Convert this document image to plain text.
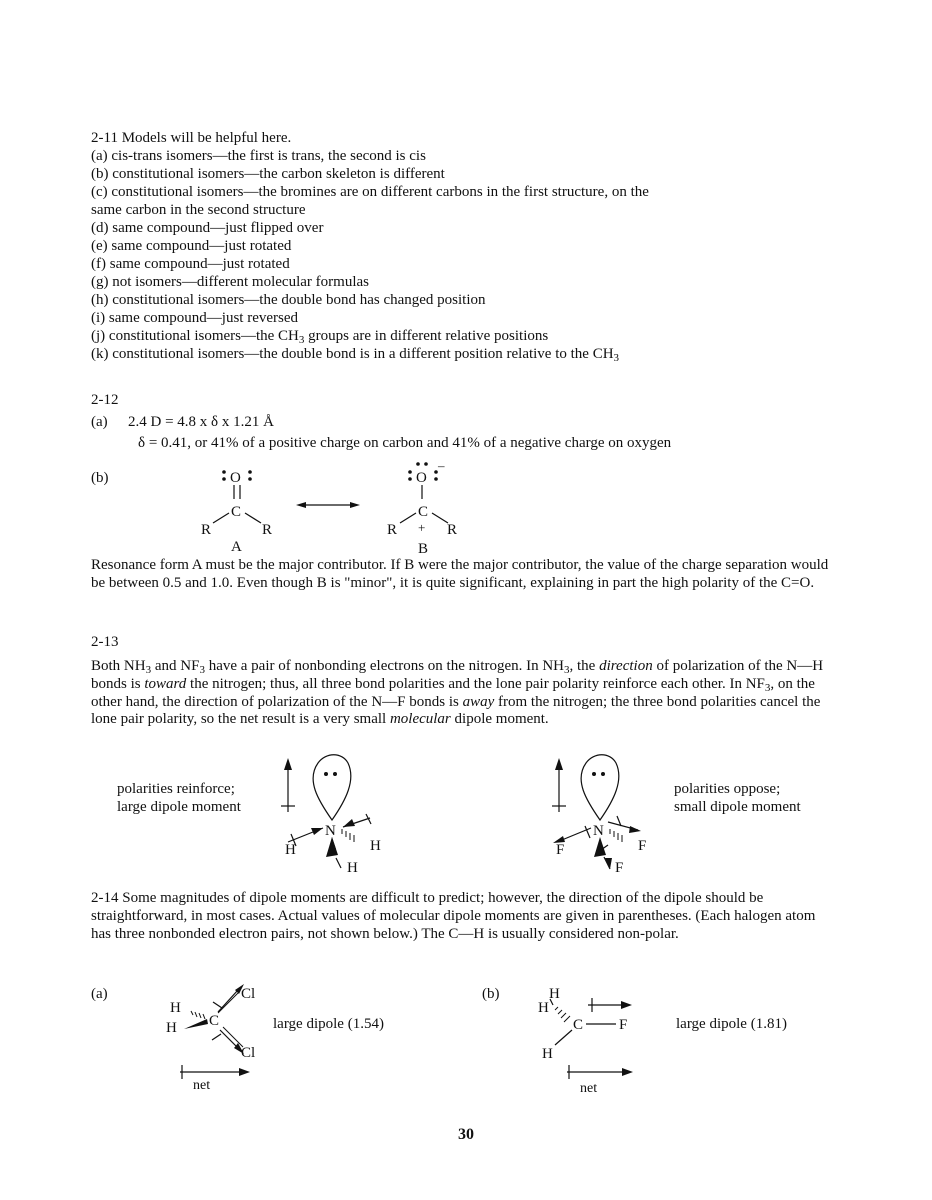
2-11 Models will be helpful here.
(a) cis-trans isomers—the first is trans, the second is cis
(b) constitutional isomers—the carbon skeleton is different
(c) constitutional isomers—the bromines are on different carbons in the first structure, on the
same carbon in the second structure
(d) same compound—just flipped over
(e) same compound—just rotated
(f) same compound—just rotated
(g) not isomers—different molecular formulas
(h) constitutional isomers—the double bond has changed position
(i) same compound—just reversed
(j) constitutional isomers—the $CH_3$ groups are in different relative positions
(k) constitutional isomers—the double bond is in a different position relative to the $CH_3$
2-12
(a) 2.4 D = 4.8 x δ x 1.21 Å
δ = 0.41, or 41% of a positive charge on carbon and 41% of a negative charge on oxygen
(b)	O
C
R	R
A
O
–
C
+
R	R
B
Resonance form A must be the major contributor. If B were the major contributor, the value of the charge separation would be between 0.5 and 1.0. Even though B is "minor", it is quite significant, explaining in part the high polarity of the C=O.
2-13
Both $NH_3$ and $NF_3$ have a pair of nonbonding electrons on the nitrogen. In $NH_3$, the direction of polarization of the N—H bonds is toward the nitrogen; thus, all three bond polarities and the lone pair polarity reinforce each other. In $NF_3$, on the other hand, the direction of polarization of the N—F bonds is away from the nitrogen; the three bond polarities cancel the lone pair polarity, so the net result is a very small molecular dipole moment.
polarities reinforce;
large dipole moment
polarities oppose;
small dipole moment
N
H	H
H
N
F	F
F
2-14 Some magnitudes of dipole moments are difficult to predict; however, the direction of the dipole should be straightforward, in most cases. Actual values of molecular dipole moments are given in parentheses. (Each halogen atom has three nonbonded electron pairs, not shown below.) The C—H is usually considered non-polar.
(a)	(b)
large dipole (1.54)	large dipole (1.81)
Cl
Cl
H
H C
net
H
H
C F
H
net
30
